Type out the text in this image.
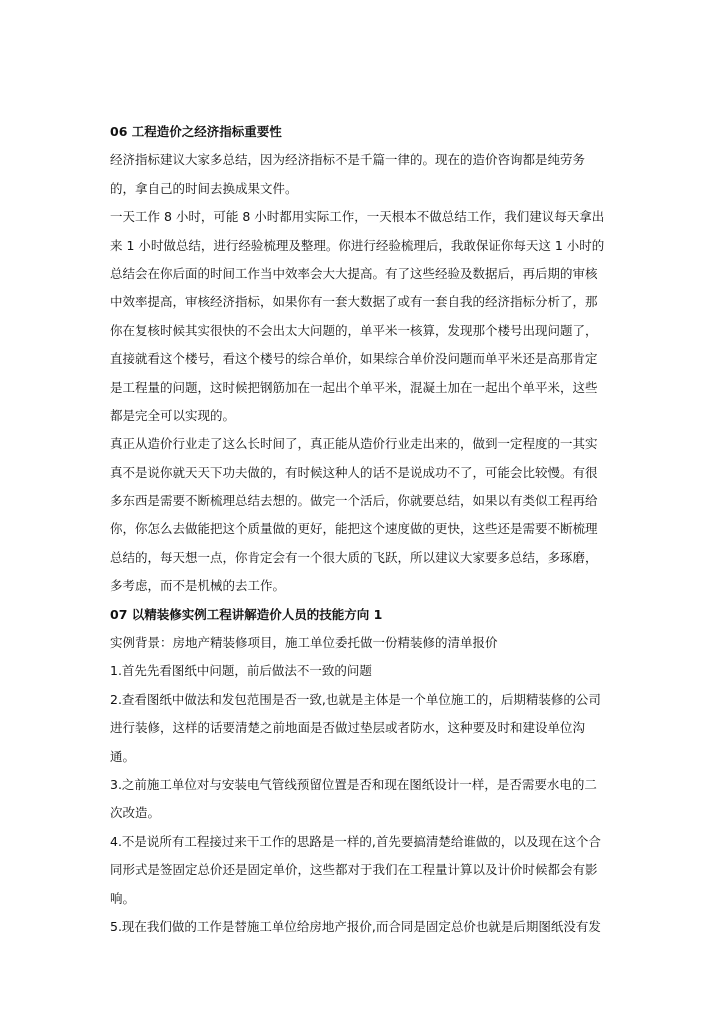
06 工程造价之经济指标重要性
经济指标建议大家多总结，因为经济指标不是千篇一律的。现在的造价咨询都是纯劳务
的，拿自己的时间去换成果文件。
一天工作 8 小时，可能 8 小时都用实际工作，一天根本不做总结工作，我们建议每天拿出
来 1 小时做总结，进行经验梳理及整理。你进行经验梳理后，我敢保证你每天这 1 小时的
总结会在你后面的时间工作当中效率会大大提高。有了这些经验及数据后，再后期的审核
中效率提高，审核经济指标，如果你有一套大数据了或有一套自我的经济指标分析了，那
你在复核时候其实很快的不会出太大问题的，单平米一核算，发现那个楼号出现问题了，
直接就看这个楼号，看这个楼号的综合单价，如果综合单价没问题而单平米还是高那肯定
是工程量的问题，这时候把钢筋加在一起出个单平米，混凝土加在一起出个单平米，这些
都是完全可以实现的。
真正从造价行业走了这么长时间了，真正能从造价行业走出来的，做到一定程度的一其实
真不是说你就天天下功夫做的，有时候这种人的话不是说成功不了，可能会比较慢。有很
多东西是需要不断梳理总结去想的。做完一个活后，你就要总结，如果以有类似工程再给
你，你怎么去做能把这个质量做的更好，能把这个速度做的更快，这些还是需要不断梳理
总结的，每天想一点，你肯定会有一个很大质的飞跃，所以建议大家要多总结，多琢磨，
多考虑，而不是机械的去工作。
07 以精装修实例工程讲解造价人员的技能方向 1
实例背景：房地产精装修项目，施工单位委托做一份精装修的清单报价
1.首先先看图纸中问题，前后做法不一致的问题
2.查看图纸中做法和发包范围是否一致,也就是主体是一个单位施工的，后期精装修的公司
进行装修，这样的话要清楚之前地面是否做过垫层或者防水，这种要及时和建设单位沟
通。
3.之前施工单位对与安装电气管线预留位置是否和现在图纸设计一样，是否需要水电的二
次改造。
4.不是说所有工程接过来干工作的思路是一样的,首先要搞清楚给谁做的，以及现在这个合
同形式是签固定总价还是固定单价，这些都对于我们在工程量计算以及计价时候都会有影
响。
5.现在我们做的工作是替施工单位给房地产报价,而合同是固定总价也就是后期图纸没有发
